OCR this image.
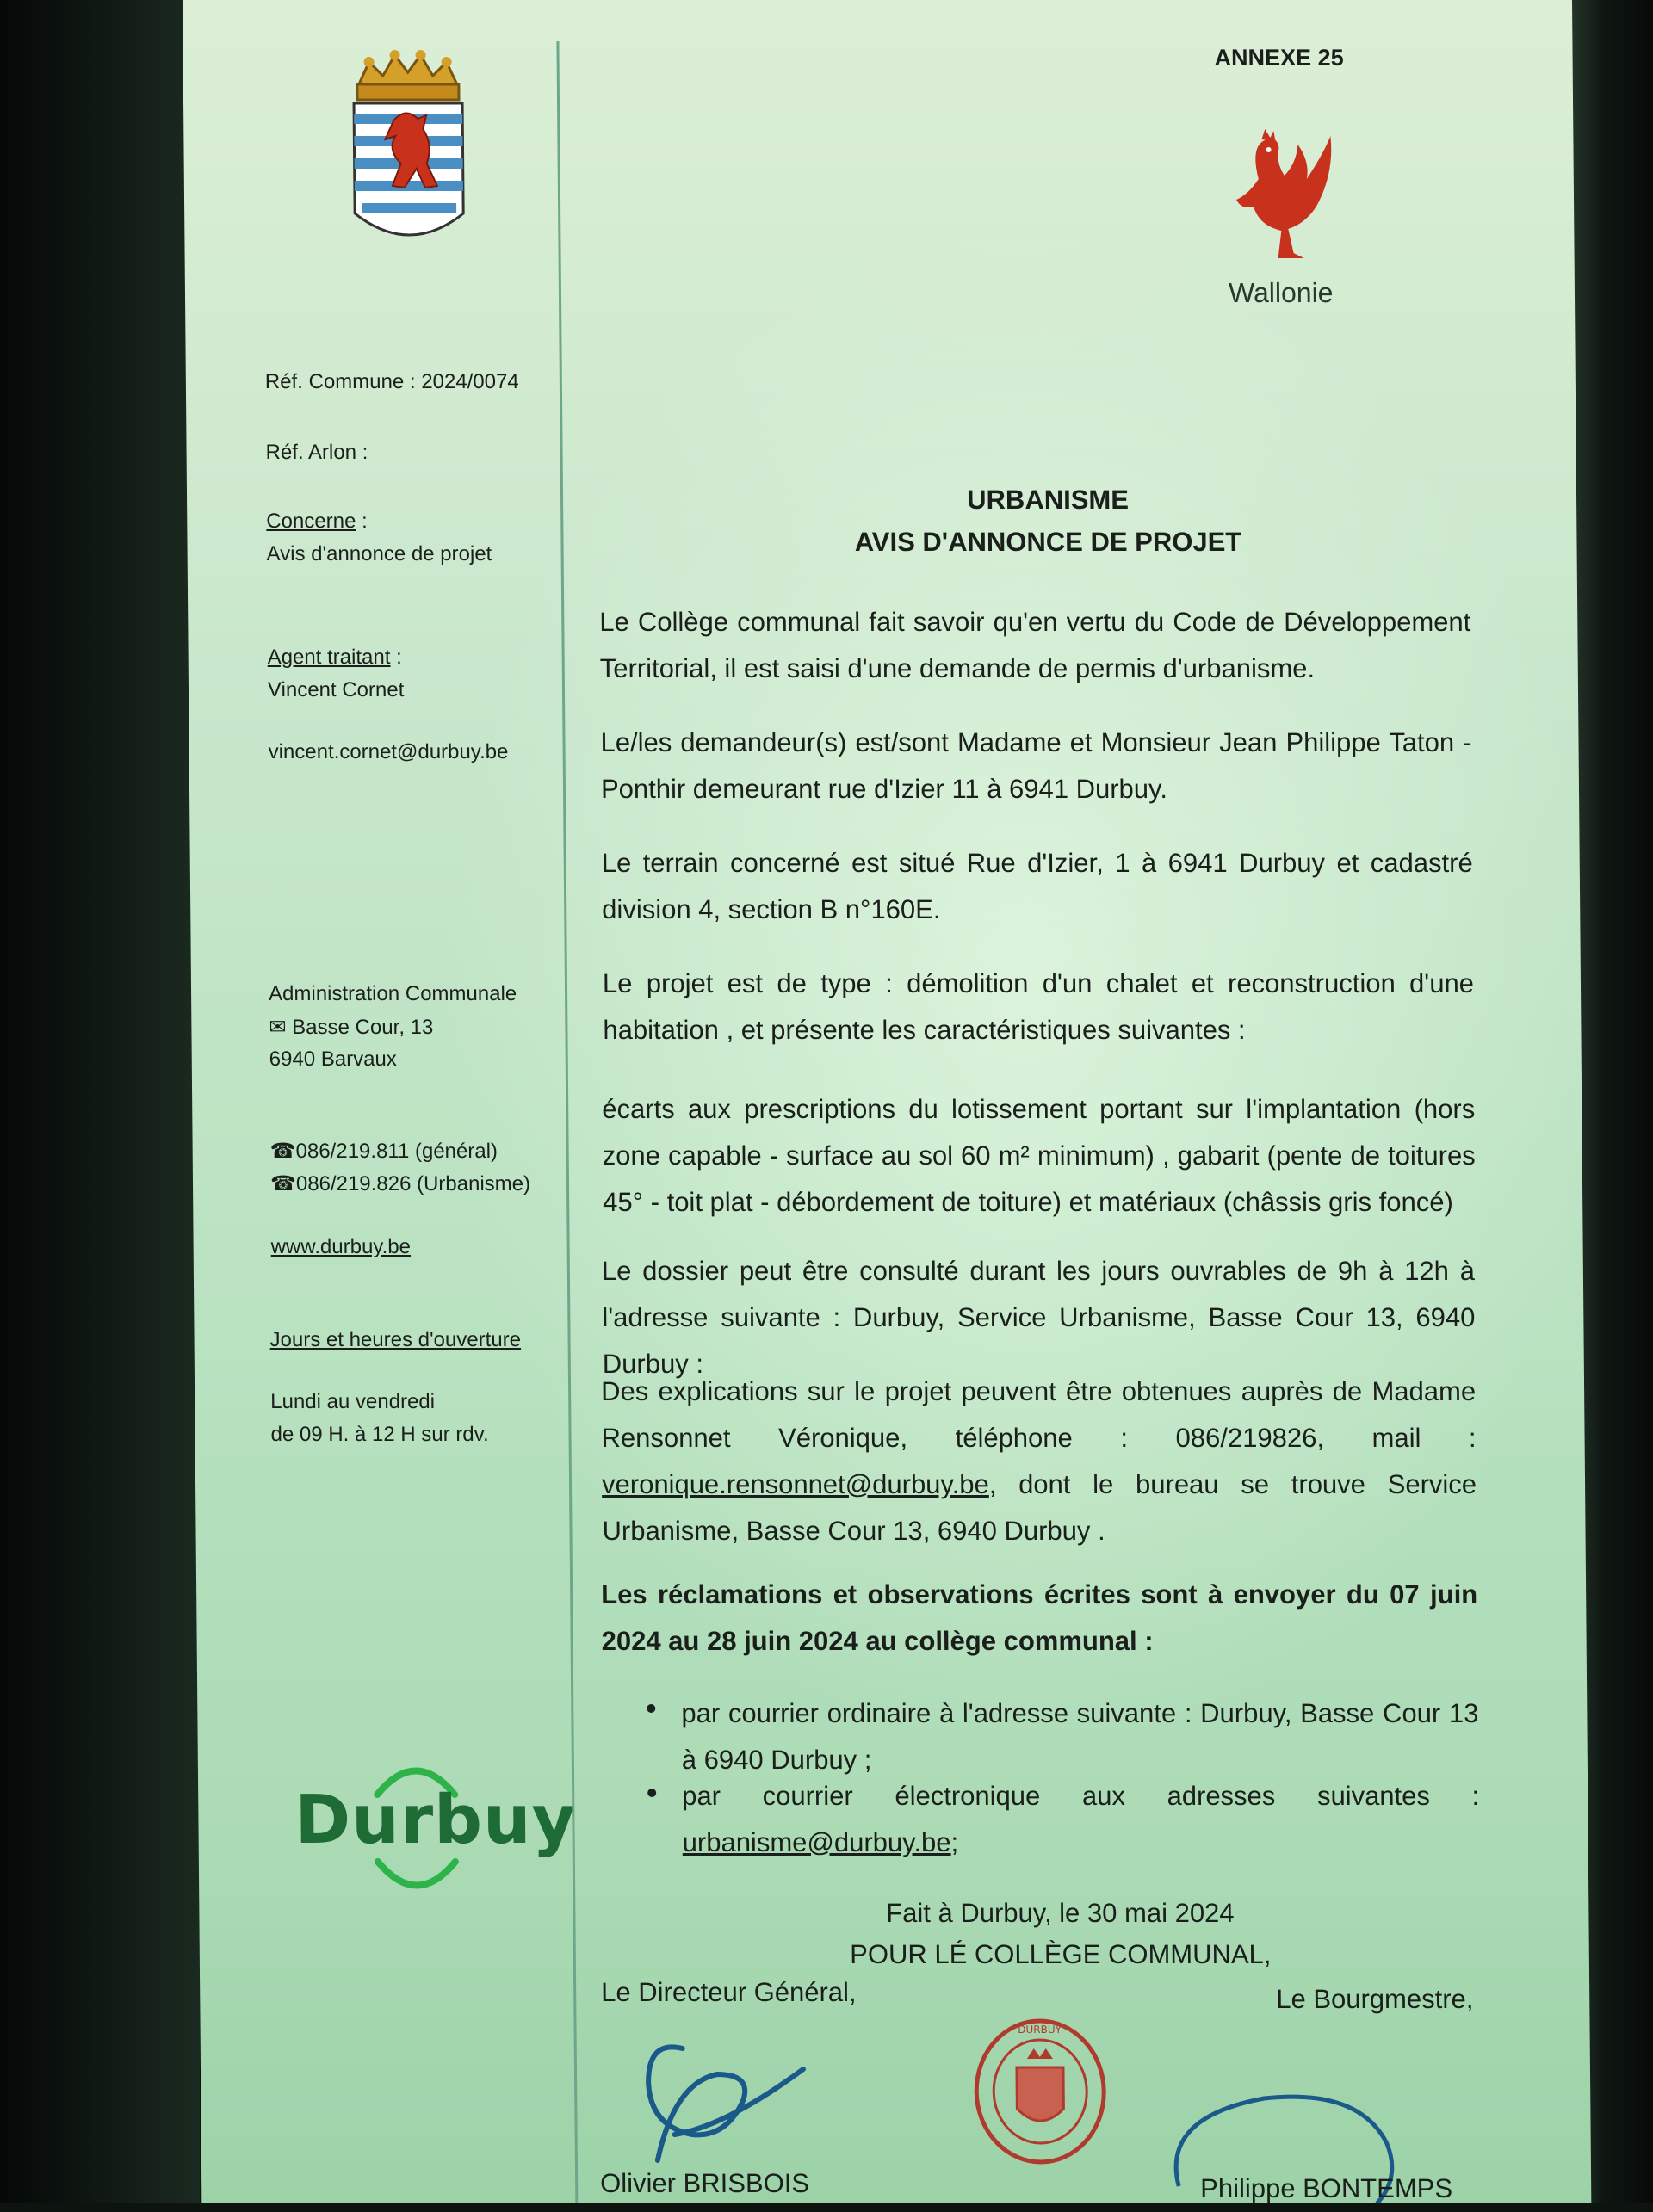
Réf. Commune : 2024/0074
Réf. Arlon :
Concerne :
Avis d'annonce de projet
Agent traitant :
Vincent Cornet
vincent.cornet@durbuy.be
Administration Communale
✉ Basse Cour, 13
6940 Barvaux
☎086/219.811 (général)
☎086/219.826 (Urbanisme)
www.durbuy.be
Jours et heures d'ouverture
Lundi au vendredi
de 09 H. à 12 H sur rdv.
Durbuy
ANNEXE 25
Wallonie
URBANISME
AVIS D'ANNONCE DE PROJET
Le Collège communal fait savoir qu'en vertu du Code de Développement Territorial, il est saisi d'une demande de permis d'urbanisme.
Le/les demandeur(s) est/sont Madame et Monsieur Jean Philippe Taton - Ponthir demeurant rue d'Izier 11 à 6941 Durbuy.
Le terrain concerné est situé Rue d'Izier, 1 à 6941 Durbuy et cadastré division 4, section B n°160E.
Le projet est de type : démolition d'un chalet et reconstruction d'une habitation , et présente les caractéristiques suivantes :
écarts aux prescriptions du lotissement portant sur l'implantation (hors zone capable - surface au sol 60 m² minimum) , gabarit (pente de toitures 45° - toit plat - débordement de toiture) et matériaux (châssis gris foncé)
Le dossier peut être consulté durant les jours ouvrables de 9h à 12h à l'adresse suivante : Durbuy, Service Urbanisme, Basse Cour 13, 6940 Durbuy :
Des explications sur le projet peuvent être obtenues auprès de Madame Rensonnet Véronique, téléphone : 086/219826, mail : veronique.rensonnet@durbuy.be, dont le bureau se trouve Service Urbanisme, Basse Cour 13, 6940 Durbuy .
Les réclamations et observations écrites sont à envoyer du 07 juin 2024 au 28 juin 2024 au collège communal :
par courrier ordinaire à l'adresse suivante : Durbuy, Basse Cour 13 à 6940 Durbuy ;
par courrier électronique aux adresses suivantes : urbanisme@durbuy.be;
Fait à Durbuy, le 30 mai 2024
POUR LÉ COLLÈGE COMMUNAL,
Le Directeur Général,	Le Bourgmestre,
DURBUY
Olivier BRISBOIS	Philippe BONTEMPS
